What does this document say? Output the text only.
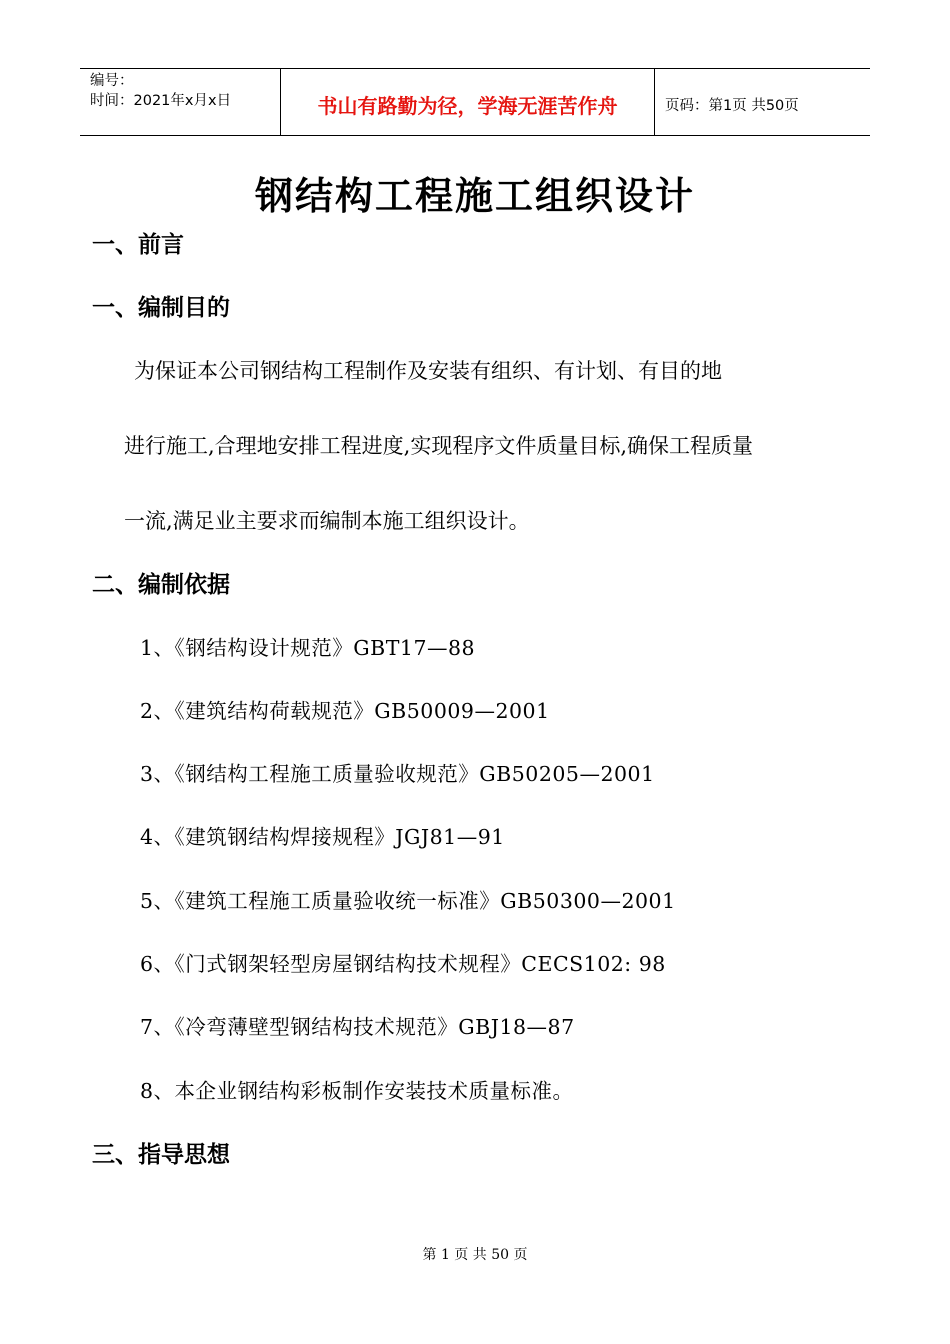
编号：
时间：2021年x月x日	书山有路勤为径，学海无涯苦作舟	页码：第1页 共50页
钢结构工程施工组织设计
一、前言
一、编制目的
　　为保证本公司钢结构工程制作及安装有组织、有计划、有目的地
进行施工,合理地安排工程进度,实现程序文件质量目标,确保工程质量
一流,满足业主要求而编制本施工组织设计。
二、编制依据
1、《钢结构设计规范》GBT17—88
2、《建筑结构荷载规范》GB50009—2001
3、《钢结构工程施工质量验收规范》GB50205—2001
4、《建筑钢结构焊接规程》JGJ81—91
5、《建筑工程施工质量验收统一标准》GB50300—2001
6、《门式钢架轻型房屋钢结构技术规程》CECS102: 98
7、《冷弯薄壁型钢结构技术规范》GBJ18—87
8、本企业钢结构彩板制作安装技术质量标准。
三、指导思想
第 1 页 共 50 页
